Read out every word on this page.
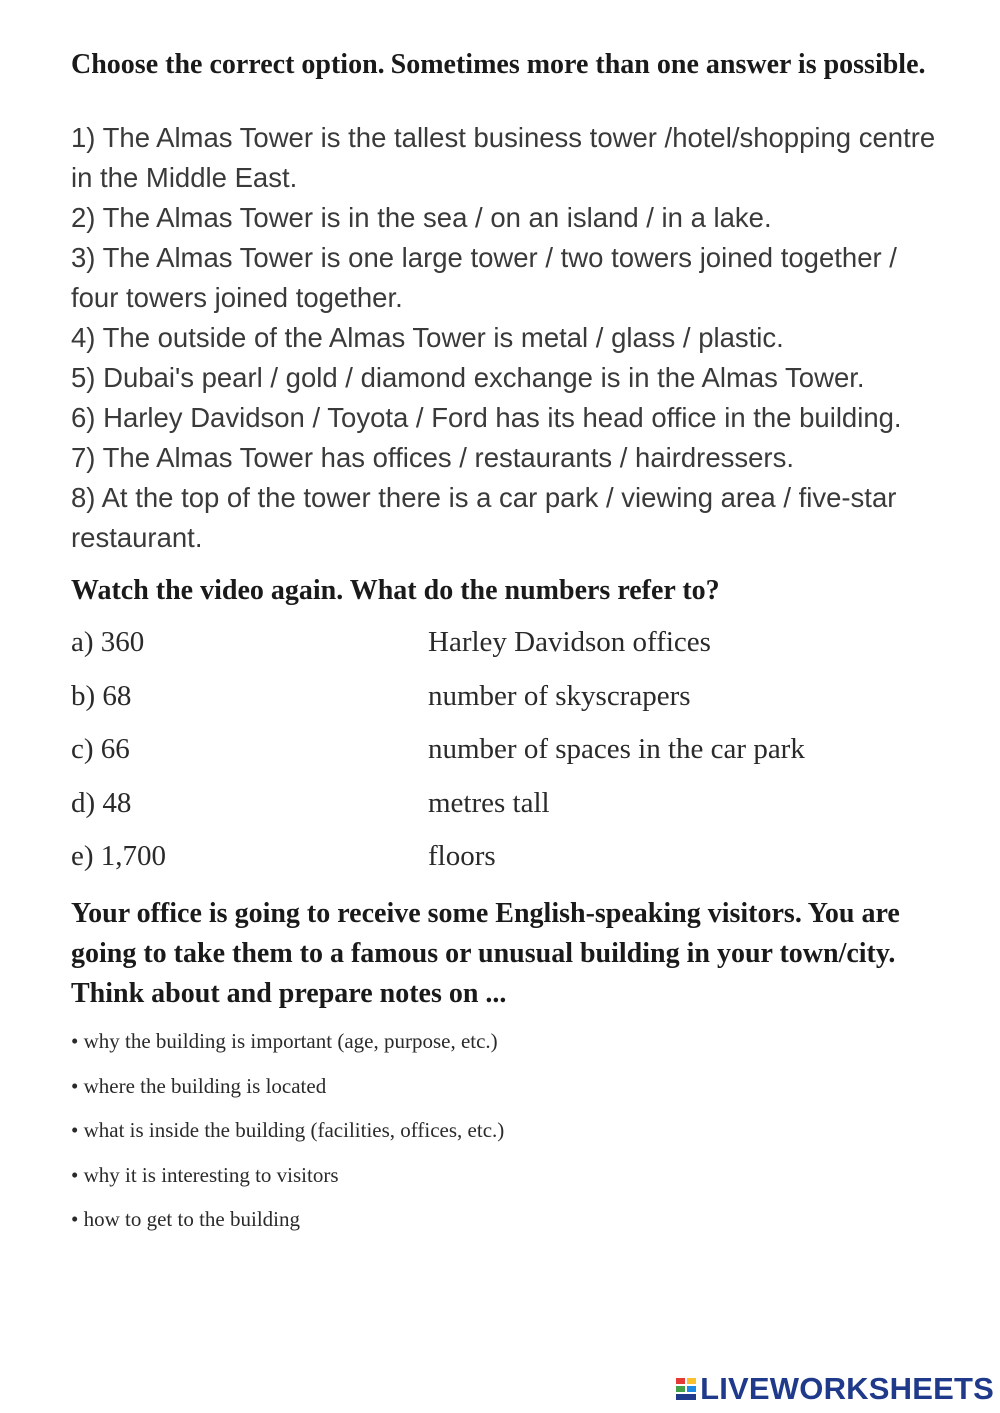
Choose the correct option. Sometimes more than one answer is possible.

1) The Almas Tower is the tallest business tower /hotel/shopping centre in the Middle East.

2) The Almas Tower is in the sea / on an island / in a lake.

3) The Almas Tower is one large tower / two towers joined together / four towers joined together.

4) The outside of the Almas Tower is metal / glass / plastic.

5) Dubai's pearl / gold / diamond exchange is in the Almas Tower.

6) Harley Davidson / Toyota / Ford has its head office in the building.

7) The Almas Tower has offices / restaurants / hairdressers.

8) At the top of the tower there is a car park / viewing area / five-star restaurant.

Watch the video again. What do the numbers refer to?

a) 360	Harley Davidson offices
b) 68	number of skyscrapers
c) 66	number of spaces in the car park
d) 48	metres tall
e) 1,700	floors

Your office is going to receive some English-speaking visitors. You are going to take them to a famous or unusual building in your town/city. Think about and prepare notes on ...

• why the building is important (age, purpose, etc.)
• where the building is located
• what is inside the building (facilities, offices, etc.)
• why it is interesting to visitors
• how to get to the building
LIVEWORKSHEETS
